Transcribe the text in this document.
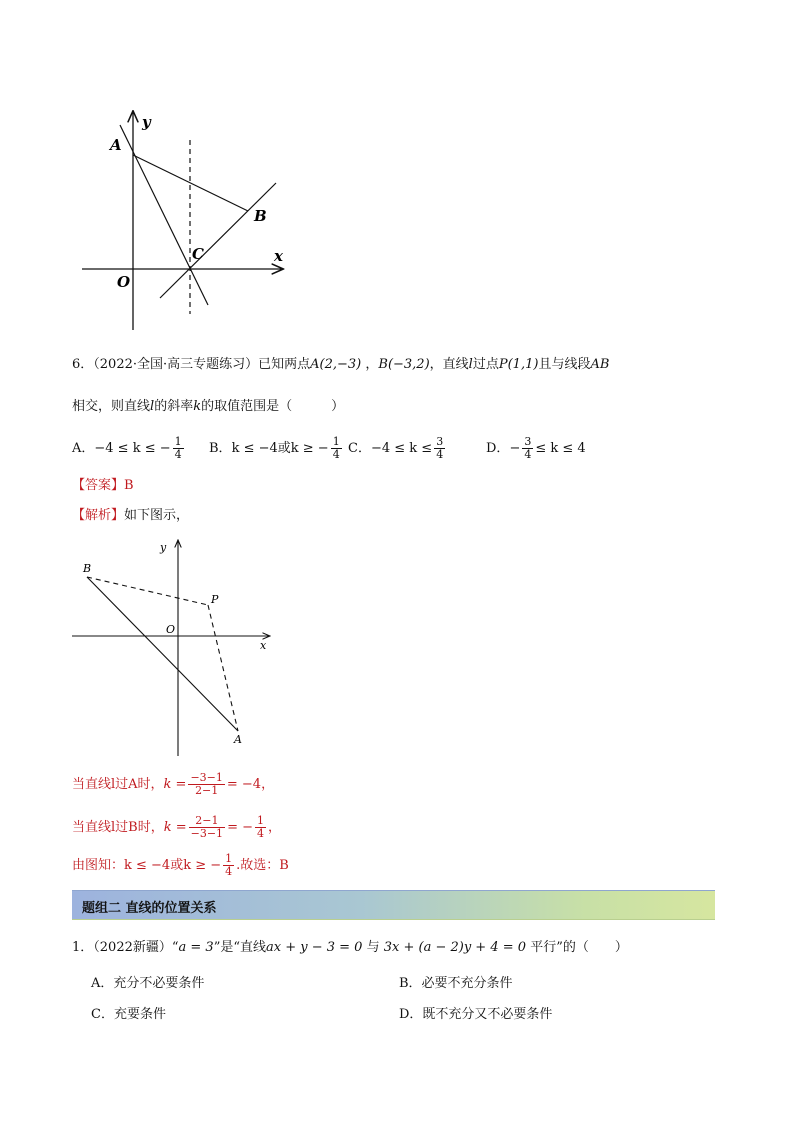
y
A
B
C	x
O
6．（2022·全国·高三专题练习）已知两点A(2,−3) ，B(−3,2)，直线l过点P(1,1)且与线段AB
相交，则直线l的斜率k的取值范围是（　　　）
A．−4 ≤ k ≤ − $\frac{1}{4}$ B．k ≤ −4或k ≥ − $\frac{1}{4}$ C．$-4 \le k \le \frac{3}{4}$	D．− $\frac{3}{4} \le k \le 4$
【答案】B
【解析】如下图示，
y
B
P
O
x
A
当直线l过A时，$k = \frac{-3-1}{2-1} = -4$，
当直线l过B时，$k = \frac{2-1}{-3-1}$ = − $\frac{1}{4}$ ，
由图知：k ≤ −4或k ≥ − $\frac{1}{4}$ .故选：B
题组二 直线的位置关系
1．（2022新疆）“a = 3”是“直线ax + y − 3 = 0 与 3x + (a − 2)y + 4 = 0 平行”的（　　）
A．充分不必要条件	B．必要不充分条件
C．充要条件	D．既不充分又不必要条件
